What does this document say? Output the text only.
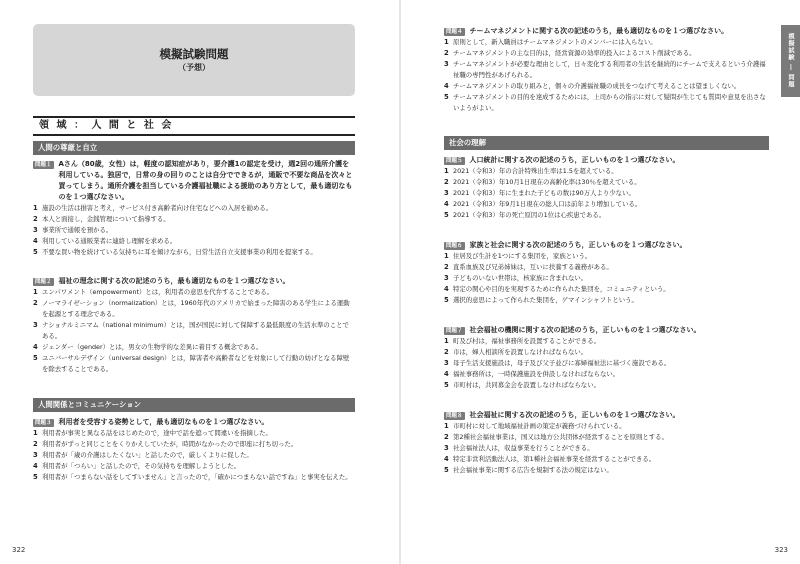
模擬試験問題
（予想）
領 域 ： 人 間 と 社 会
人間の尊厳と自立
問題１ Aさん（80歳，女性）は，軽度の認知症があり，要介護1の認定を受け，週2回の通所介護を利用している。独居で，日常の身の回りのことは自分でできるが，通販で不要な商品を次々と買ってしまう。通所介護を担当している介護福祉職による援助のあり方として，最も適切なものを１つ選びなさい。
1 施設の生活は損害と考え，サービス付き高齢者向け住宅などへの入居を勧める。
2 本人と面接し，金銭管理について指導する。
3 事業所で通帳を預かる。
4 利用している通販業者に連絡し理解を求める。
5 不要な買い物を続けている気持ちに耳を傾けながら，日常生活自立支援事業の利用を提案する。
問題２ 福祉の理念に関する次の記述のうち，最も適切なものを１つ選びなさい。
1 エンパワメント（empowerment）とは，利用者の意思を代弁することである。
2 ノーマライゼーション（normalization）とは，1960年代のアメリカで始まった障害のある学生による運動を起源とする理念である。
3 ナショナルミニマム（national minimum）とは，国が国民に対して保障する最低限度の生活水準のことである。
4 ジェンダー（gender）とは，男女の生物学的な差異に着目する概念である。
5 ユニバーサルデザイン（universal design）とは，障害者や高齢者などを対象にして行動の妨げとなる障壁を除去することである。
人間関係とコミュニケーション
問題３ 利用者を受容する姿勢として，最も適切なものを１つ選びなさい。
1 利用者が事実と異なる話をはじめたので，途中で話を遮って間違いを指摘した。
2 利用者がずっと同じことをくりかえしていたが，時間がなかったので即座に打ち切った。
3 利用者が「歳の介護はしたくない」と話したので，厳しくよりに促した。
4 利用者が「つらい」と話したので，その気持ちを理解しようとした。
5 利用者が「つまらない話をしてすいません」と言ったので，「確かにつまらない話ですね」と事実を伝えた。
322
問題４ チームマネジメントに関する次の記述のうち，最も適切なものを１つ選びなさい。
1 原則として，新入職員はチームマネジメントのメンバーには入らない。
2 チームマネジメントの主な目的は，経営資源の効率的投入によるコスト削減である。
3 チームマネジメントが必要な理由として，日々変化する利用者の生活を継続的にチームで支えるという介護福祉職の専門性があげられる。
4 チームマネジメントの取り組みと，個々の介護福祉職の成長をつなげて考えることは望ましくない。
5 チームマネジメントの目的を達成するためには，上司からの指示に対して疑問が生じても質問や意見を出さないようがよい。
社会の理解
問題５ 人口統計に関する次の記述のうち，正しいものを１つ選びなさい。
1 2021（令和3）年の合計特殊出生率は1.5を超えている。
2 2021（令和3）年10月1日現在の高齢化率は30％を超えている。
3 2021（令和3）年に生まれた子どもの数は90万人より少ない。
4 2021（令和3）年9月1日現在の総人口は前年より増加している。
5 2021（令和3）年の死亡原因の1位は心疾患である。
問題６ 家族と社会に関する次の記述のうち，正しいものを１つ選びなさい。
1 住居及び生計を1つにする集団を，家族という。
2 直系血族及び兄弟姉妹は，互いに扶養する義務がある。
3 子どものいない世帯は，核家族に含まれない。
4 特定の関心や目的を実現するために作られた集団を，コミュニティという。
5 選択的意思によって作られた集団を，ゲマインシャフトという。
問題７ 社会福祉の機関に関する次の記述のうち，正しいものを１つ選びなさい。
1 町及び村は，福祉事務所を設置することができる。
2 市は，婦人相談所を設置しなければならない。
3 母子生活支援施設は，母子及び父子並びに寡婦福祉法に基づく施設である。
4 福祉事務所は，一時保護施設を併設しなければならない。
5 市町村は，共同募金会を設置しなければならない。
問題８ 社会福祉に関する次の記述のうち，正しいものを１つ選びなさい。
1 市町村に対して地域福祉計画の策定が義務づけられている。
2 第2種社会福祉事業は，国又は地方公共団体が経営することを原則とする。
3 社会福祉法人は，収益事業を行うことができる。
4 特定非営利活動法人は，第1種社会福祉事業を経営することができる。
5 社会福祉事業に関する広告を規制する法の規定はない。
323
模擬試験 ― 問題
